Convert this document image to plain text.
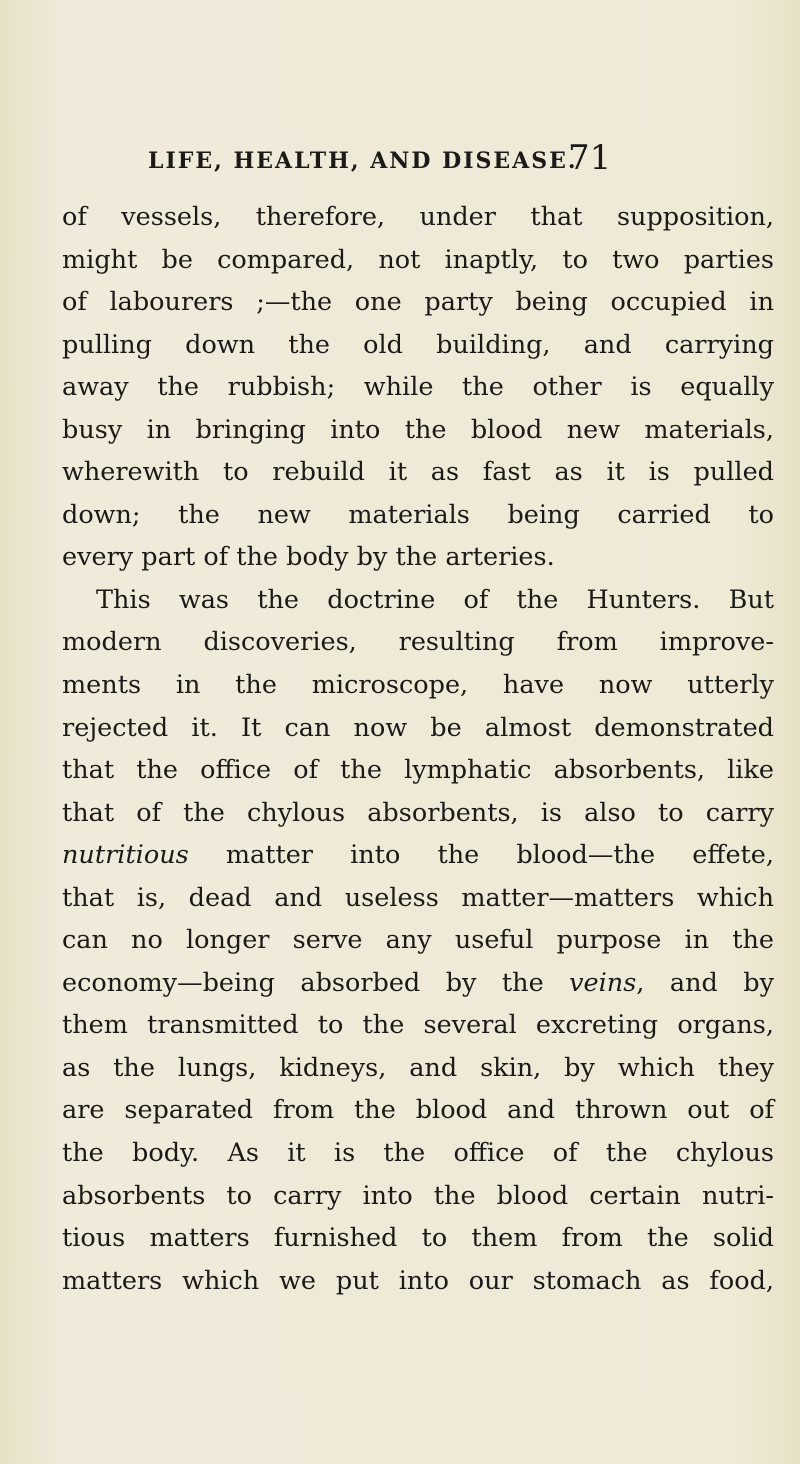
LIFE, HEALTH, AND DISEASE.
71
of vessels, therefore, under that supposition,
might be compared, not inaptly, to two parties
of labourers ;—the one party being occupied in
pulling down the old building, and carrying
away the rubbish; while the other is equally
busy in bringing into the blood new materials,
wherewith to rebuild it as fast as it is pulled
down; the new materials being carried to
every part of the body by the arteries.
This was the doctrine of the Hunters. But
modern discoveries, resulting from improve-
ments in the microscope, have now utterly
rejected it. It can now be almost demonstrated
that the office of the lymphatic absorbents, like
that of the chylous absorbents, is also to carry
nutritious matter into the blood—the effete,
that is, dead and useless matter—matters which
can no longer serve any useful purpose in the
economy—being absorbed by the veins, and by
them transmitted to the several excreting organs,
as the lungs, kidneys, and skin, by which they
are separated from the blood and thrown out of
the body. As it is the office of the chylous
absorbents to carry into the blood certain nutri-
tious matters furnished to them from the solid
matters which we put into our stomach as food,
